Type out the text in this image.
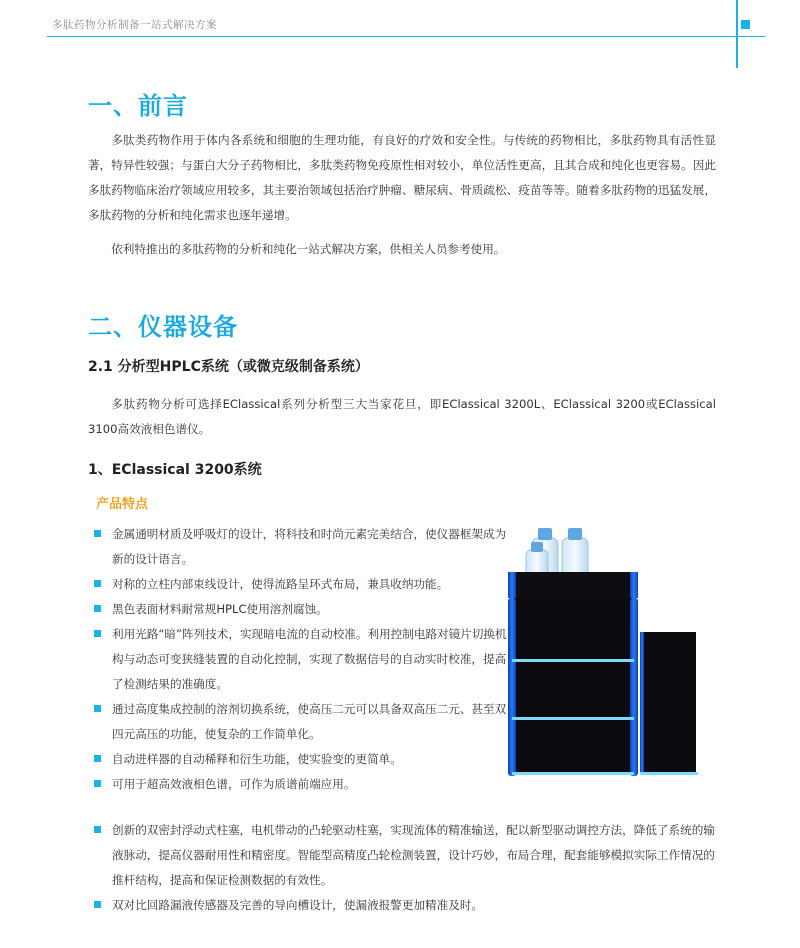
多肽药物分析制备一站式解决方案
一、前言
多肽类药物作用于体内各系统和细胞的生理功能，有良好的疗效和安全性。与传统的药物相比，多肽药物具有活性显著，特异性较强；与蛋白大分子药物相比，多肽类药物免疫原性相对较小，单位活性更高，且其合成和纯化也更容易。因此多肽药物临床治疗领域应用较多，其主要治领域包括治疗肿瘤、糖尿病、骨质疏松、疫苗等等。随着多肽药物的迅猛发展，多肽药物的分析和纯化需求也逐年递增。
依利特推出的多肽药物的分析和纯化一站式解决方案，供相关人员参考使用。
二、仪器设备
2.1 分析型HPLC系统（或微克级制备系统）
多肽药物分析可选择EClassical系列分析型三大当家花旦，即EClassical 3200L、EClassical 3200或EClassical 3100高效液相色谱仪。
1、EClassical 3200系统
产品特点
金属通明材质及呼吸灯的设计，将科技和时尚元素完美结合，使仪器框架成为新的设计语言。
对称的立柱内部束线设计，使得流路呈环式布局，兼具收纳功能。
黑色表面材料耐常规HPLC使用溶剂腐蚀。
利用光路“暗”阵列技术，实现暗电流的自动校准。利用控制电路对镜片切换机构与动态可变狭缝装置的自动化控制，实现了数据信号的自动实时校准，提高了检测结果的准确度。
通过高度集成控制的溶剂切换系统，使高压二元可以具备双高压二元、甚至双四元高压的功能，使复杂的工作简单化。
自动进样器的自动稀释和衍生功能，使实验变的更简单。
可用于超高效液相色谱，可作为质谱前端应用。
创新的双密封浮动式柱塞，电机带动的凸轮驱动柱塞，实现流体的精准输送，配以新型驱动调控方法，降低了系统的输液脉动，提高仪器耐用性和精密度。智能型高精度凸轮检测装置，设计巧妙，布局合理，配套能够模拟实际工作情况的推杆结构，提高和保证检测数据的有效性。
双对比回路漏液传感器及完善的导向槽设计，使漏液报警更加精准及时。
